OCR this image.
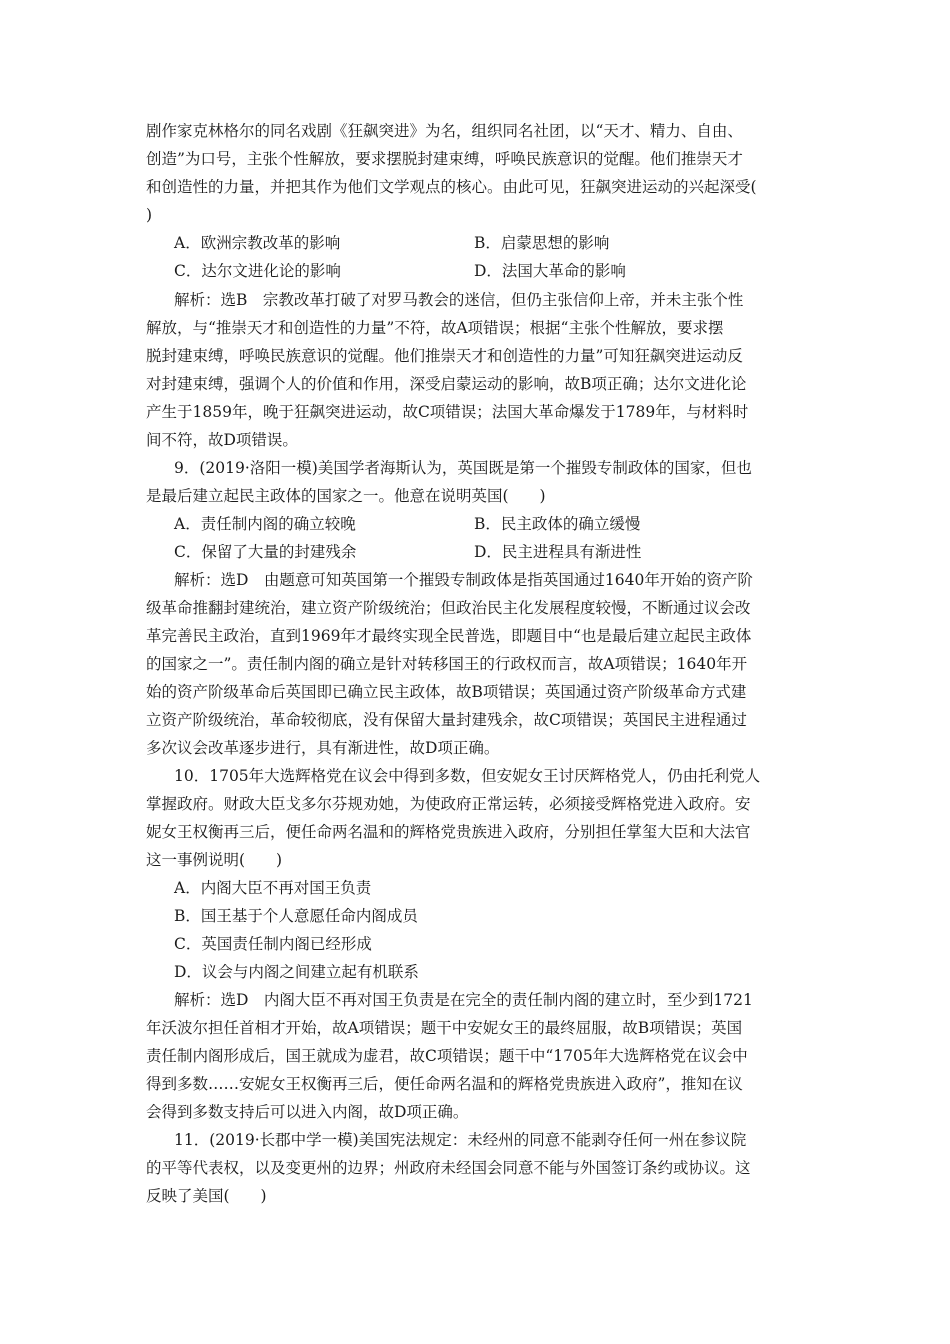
剧作家克林格尔的同名戏剧《狂飙突进》为名，组织同名社团，以“天才、精力、自由、
创造”为口号，主张个性解放，要求摆脱封建束缚，呼唤民族意识的觉醒。他们推崇天才
和创造性的力量，并把其作为他们文学观点的核心。由此可见，狂飙突进运动的兴起深受(
)
A．欧洲宗教改革的影响	B．启蒙思想的影响
C．达尔文进化论的影响	D．法国大革命的影响
解析：选B　宗教改革打破了对罗马教会的迷信，但仍主张信仰上帝，并未主张个性
解放，与“推崇天才和创造性的力量”不符，故A项错误；根据“主张个性解放，要求摆
脱封建束缚，呼唤民族意识的觉醒。他们推崇天才和创造性的力量”可知狂飙突进运动反
对封建束缚，强调个人的价值和作用，深受启蒙运动的影响，故B项正确；达尔文进化论
产生于1859年，晚于狂飙突进运动，故C项错误；法国大革命爆发于1789年，与材料时
间不符，故D项错误。
9．(2019·洛阳一模)美国学者海斯认为，英国既是第一个摧毁专制政体的国家，但也
是最后建立起民主政体的国家之一。他意在说明英国(　　)
A．责任制内阁的确立较晚	B．民主政体的确立缓慢
C．保留了大量的封建残余	D．民主进程具有渐进性
解析：选D　由题意可知英国第一个摧毁专制政体是指英国通过1640年开始的资产阶
级革命推翻封建统治，建立资产阶级统治；但政治民主化发展程度较慢，不断通过议会改
革完善民主政治，直到1969年才最终实现全民普选，即题目中“也是最后建立起民主政体
的国家之一”。责任制内阁的确立是针对转移国王的行政权而言，故A项错误；1640年开
始的资产阶级革命后英国即已确立民主政体，故B项错误；英国通过资产阶级革命方式建
立资产阶级统治，革命较彻底，没有保留大量封建残余，故C项错误；英国民主进程通过
多次议会改革逐步进行，具有渐进性，故D项正确。
10．1705年大选辉格党在议会中得到多数，但安妮女王讨厌辉格党人，仍由托利党人
掌握政府。财政大臣戈多尔芬规劝她，为使政府正常运转，必须接受辉格党进入政府。安
妮女王权衡再三后，便任命两名温和的辉格党贵族进入政府，分别担任掌玺大臣和大法官
这一事例说明(　　)
A．内阁大臣不再对国王负责
B．国王基于个人意愿任命内阁成员
C．英国责任制内阁已经形成
D．议会与内阁之间建立起有机联系
解析：选D　内阁大臣不再对国王负责是在完全的责任制内阁的建立时，至少到1721
年沃波尔担任首相才开始，故A项错误；题干中安妮女王的最终屈服，故B项错误；英国
责任制内阁形成后，国王就成为虚君，故C项错误；题干中“1705年大选辉格党在议会中
得到多数……安妮女王权衡再三后，便任命两名温和的辉格党贵族进入政府”，推知在议
会得到多数支持后可以进入内阁，故D项正确。
11．(2019·长郡中学一模)美国宪法规定：未经州的同意不能剥夺任何一州在参议院
的平等代表权，以及变更州的边界；州政府未经国会同意不能与外国签订条约或协议。这
反映了美国(　　)
